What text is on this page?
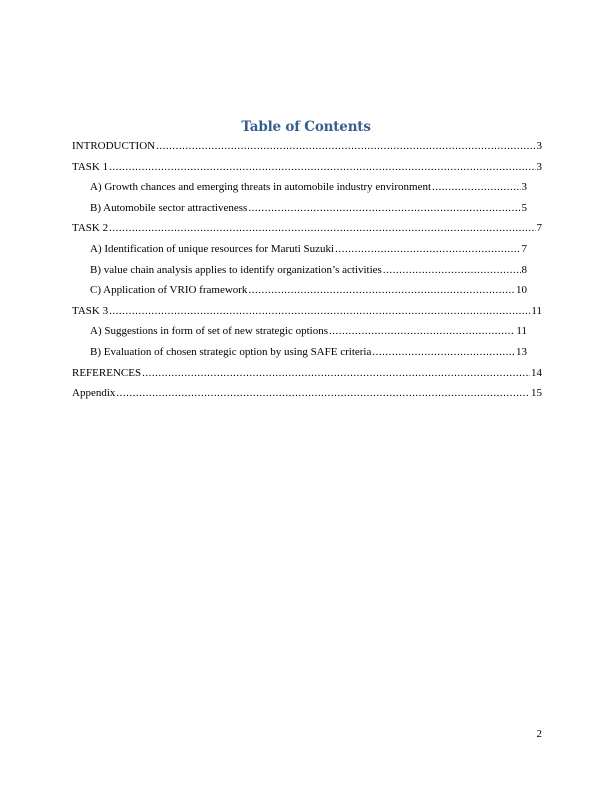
Table of Contents
INTRODUCTION .....	3
TASK 1 .....	3
A) Growth chances and emerging threats in automobile industry environment .....	3
B) Automobile sector attractiveness .....	5
TASK 2 .....	7
A) Identification of unique resources for Maruti Suzuki .....	7
B) value chain analysis applies to identify organization’s activities .....	8
C) Application of VRIO framework .....	10
TASK 3 .....	11
A) Suggestions in form of set of new strategic options .....	11
B) Evaluation of chosen strategic option by using SAFE criteria .....	13
REFERENCES .....	14
Appendix .....	15
2
